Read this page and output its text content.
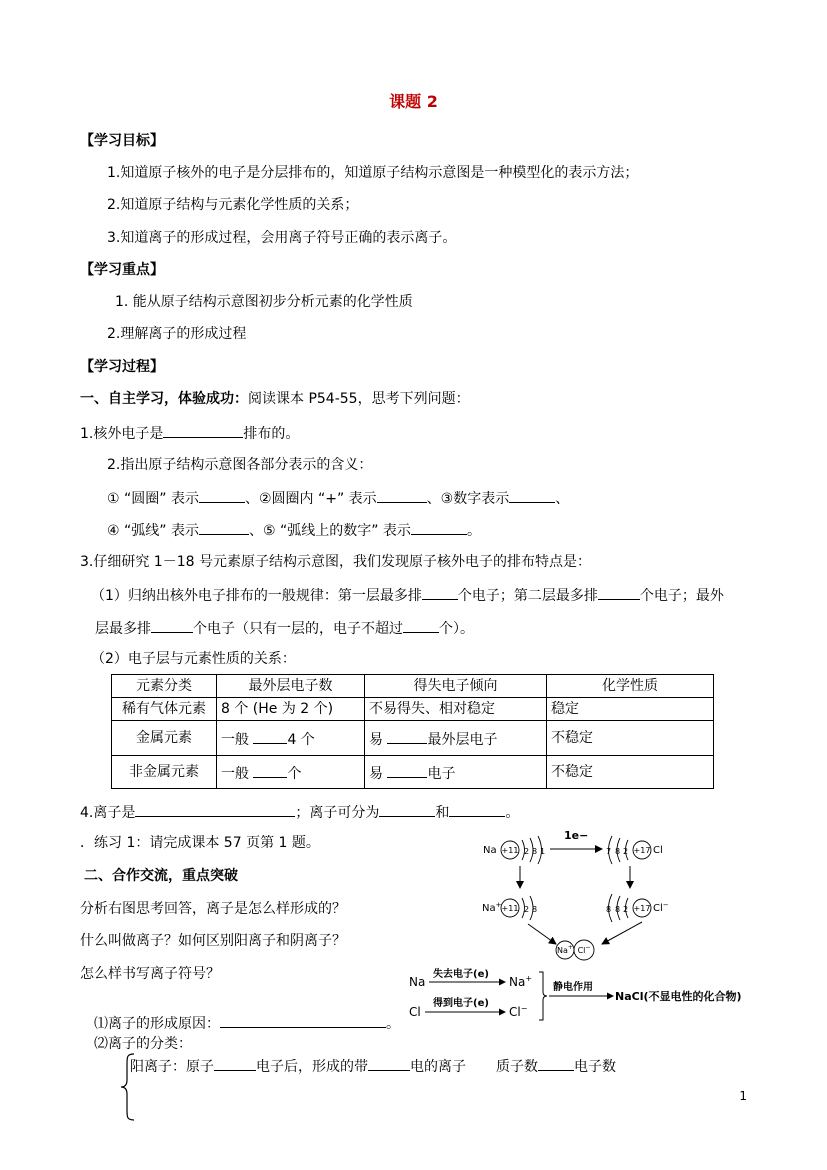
课题 2
【学习目标】
1.知道原子核外的电子是分层排布的，知道原子结构示意图是一种模型化的表示方法；
2.知道原子结构与元素化学性质的关系；
3.知道离子的形成过程，会用离子符号正确的表示离子。
【学习重点】
1. 能从原子结构示意图初步分析元素的化学性质
2.理解离子的形成过程
【学习过程】
一、自主学习，体验成功：阅读课本 P54-55，思考下列问题：
1.核外电子是	排布的。
2.指出原子结构示意图各部分表示的含义：
① “圆圈” 表示	、②圆圈内 “+” 表示	、③数字表示	、
④ “弧线” 表示	、⑤ “弧线上的数字” 表示	。
3.仔细研究 1－18 号元素原子结构示意图，我们发现原子核外电子的排布特点是：
（1）归纳出核外电子排布的一般规律：第一层最多排	个电子；第二层最多排	个电子；最外
层最多排	个电子（只有一层的，电子不超过	个）。
（2）电子层与元素性质的关系：
元素分类	最外层电子数	得失电子倾向	化学性质
稀有气体元素	8 个 (He 为 2 个)	不易得失、相对稳定	稳定
金属元素	一般 4 个	易 最外层电子	不稳定
非金属元素	一般 个	易 电子	不稳定
4.离子是	；离子可分为	和	。
．练习 1：请完成课本 57 页第 1 题。
二、合作交流，重点突破
分析右图思考回答，离子是怎么样形成的？
什么叫做离子？如何区别阳离子和阴离子？
怎么样书写离子符号？
⑴离子的形成原因：	。
⑵离子的分类：
阳离子：原子	电子后，形成的带	电的离子 质子数	电子数
Na +11 2 8 1
1e−
7 8 2 +17 Cl
Na+ +11 2 8	8 8 2 +17 Cl−
Na+ Cl−
Na
失去电子(e)
Na+
Cl
得到电子(e)
Cl−
静电作用
NaCl(不显电性的化合物)
1
